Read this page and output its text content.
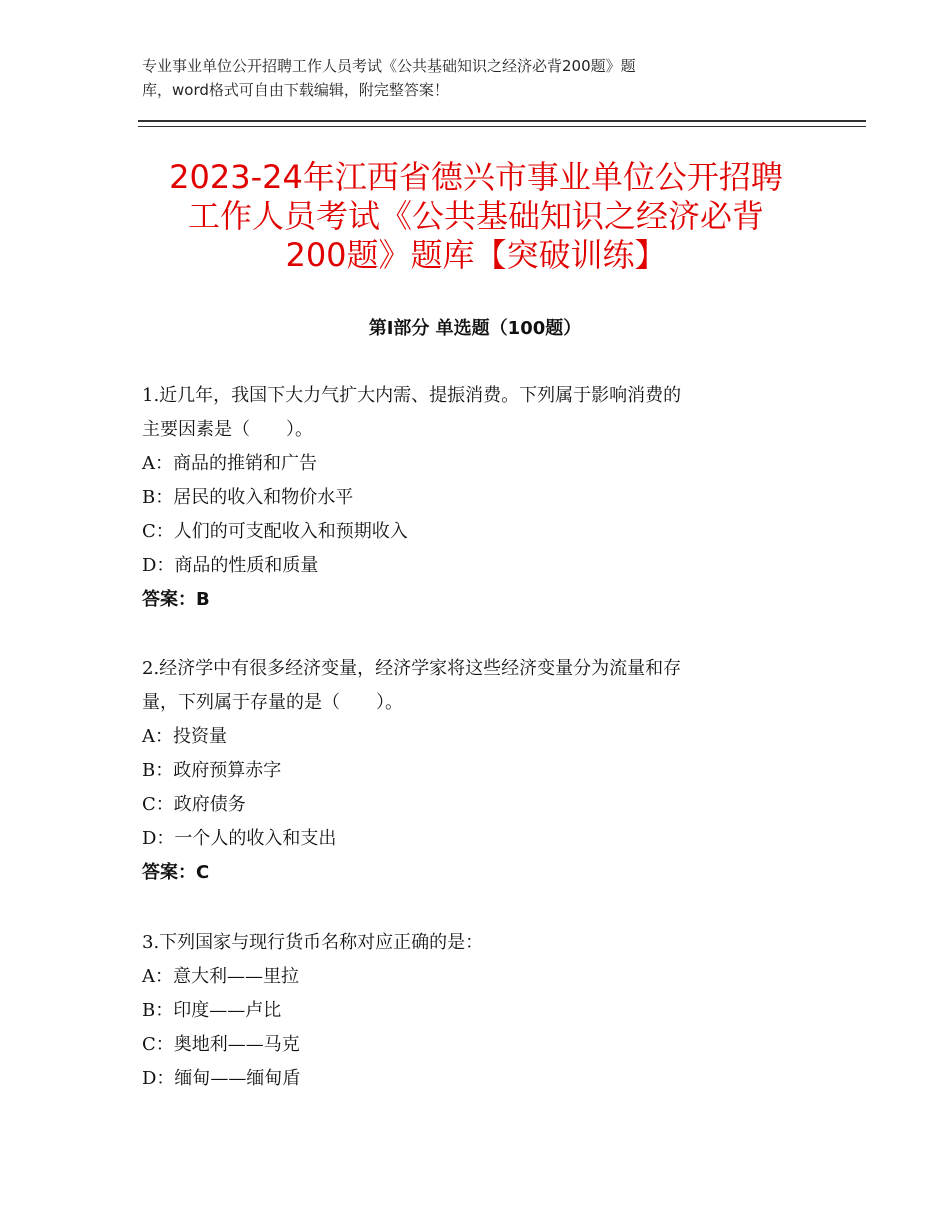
专业事业单位公开招聘工作人员考试《公共基础知识之经济必背200题》题
库，word格式可自由下载编辑，附完整答案！
2023-24年江西省德兴市事业单位公开招聘
工作人员考试《公共基础知识之经济必背
200题》题库【突破训练】
第Ⅰ部分 单选题（100题）
1.近几年，我国下大力气扩大内需、提振消费。下列属于影响消费的
主要因素是（　　）。
A：商品的推销和广告
B：居民的收入和物价水平
C：人们的可支配收入和预期收入
D：商品的性质和质量
答案：B
2.经济学中有很多经济变量，经济学家将这些经济变量分为流量和存
量，下列属于存量的是（　　）。
A：投资量
B：政府预算赤字
C：政府债务
D：一个人的收入和支出
答案：C
3.下列国家与现行货币名称对应正确的是：
A：意大利——里拉
B：印度——卢比
C：奥地利——马克
D：缅甸——缅甸盾
